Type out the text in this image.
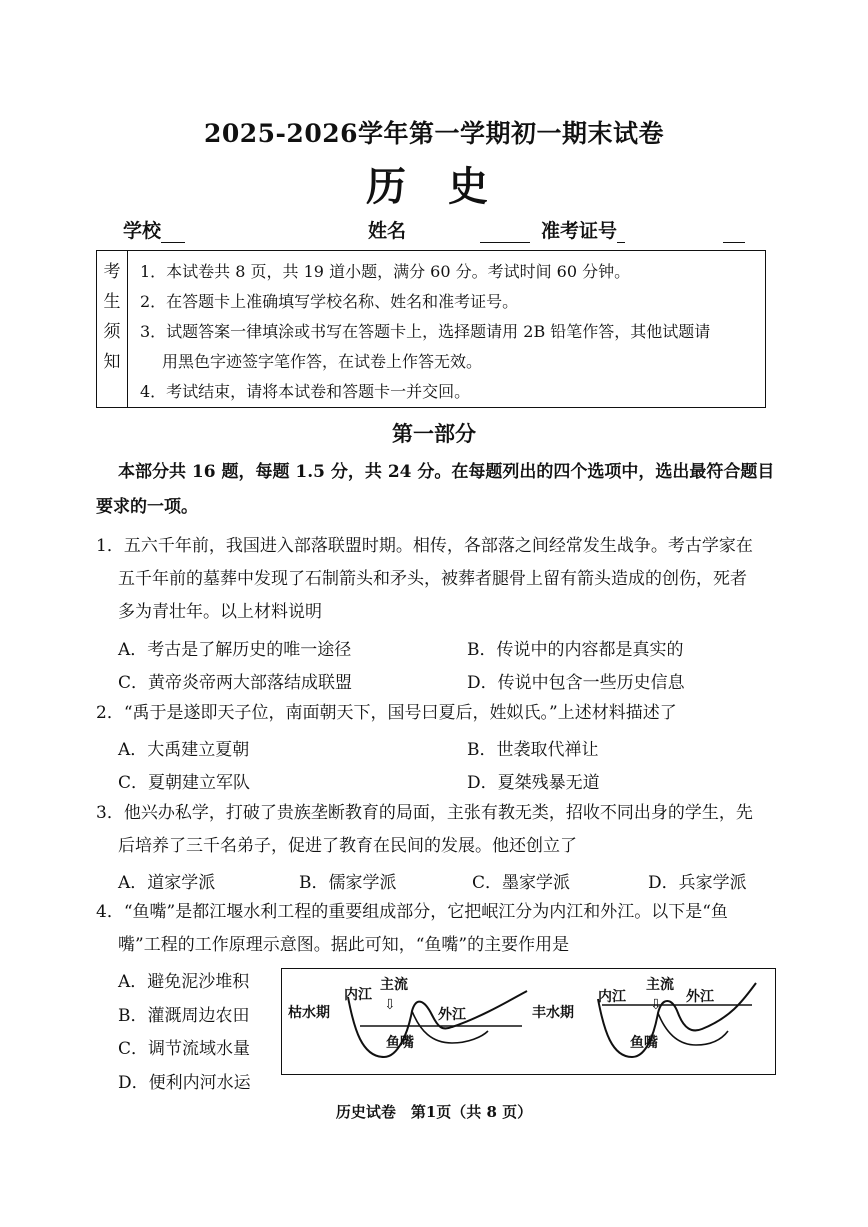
2025-2026学年第一学期初一期末试卷
历 史
学校	姓名	准考证号
考
生
须
知

1．本试卷共 8 页，共 19 道小题，满分 60 分。考试时间 60 分钟。
2．在答题卡上准确填写学校名称、姓名和准考证号。
3．试题答案一律填涂或书写在答题卡上，选择题请用 2B 铅笔作答，其他试题请
用黑色字迹签字笔作答，在试卷上作答无效。
4．考试结束，请将本试卷和答题卡一并交回。
第一部分
本部分共 16 题，每题 1.5 分，共 24 分。在每题列出的四个选项中，选出最符合题目要求的一项。
1．五六千年前，我国进入部落联盟时期。相传，各部落之间经常发生战争。考古学家在
五千年前的墓葬中发现了石制箭头和矛头，被葬者腿骨上留有箭头造成的创伤，死者
多为青壮年。以上材料说明
A．考古是了解历史的唯一途径	B．传说中的内容都是真实的
C．黄帝炎帝两大部落结成联盟	D．传说中包含一些历史信息
2．“禹于是遂即天子位，南面朝天下，国号曰夏后，姓姒氏。”上述材料描述了
A．大禹建立夏朝	B．世袭取代禅让
C．夏朝建立军队	D．夏桀残暴无道
3．他兴办私学，打破了贵族垄断教育的局面，主张有教无类，招收不同出身的学生，先
后培养了三千名弟子，促进了教育在民间的发展。他还创立了
A．道家学派	B．儒家学派	C．墨家学派	D．兵家学派
4．“鱼嘴”是都江堰水利工程的重要组成部分，它把岷江分为内江和外江。以下是“鱼
嘴”工程的工作原理示意图。据此可知，“鱼嘴”的主要作用是
A．避免泥沙堆积
B．灌溉周边农田
C．调节流域水量
D．便利内河水运
枯水期
内江
主流
⇩
外江
鱼嘴
丰水期
内江
主流
⇩ 外江
鱼嘴
历史试卷　第1页（共 8 页）
